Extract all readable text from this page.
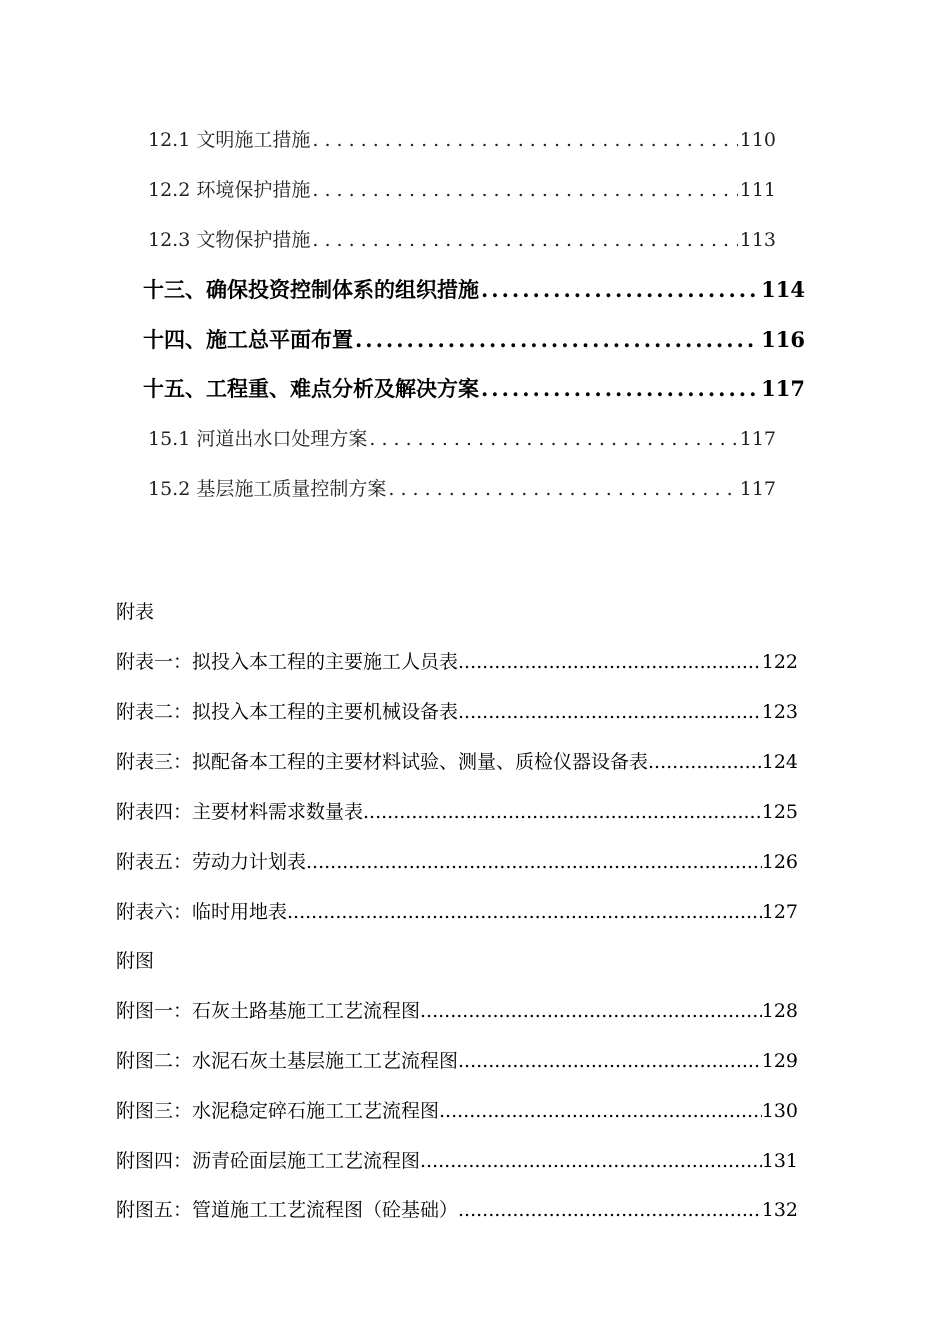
12.1 文明施工措施 . . .	110
12.2 环境保护措施 . . .	111
12.3 文物保护措施 . . .	113
十三、确保投资控制体系的组织措施 .....	114
十四、施工总平面布置 .....	116
十五、工程重、难点分析及解决方案 .....	117
15.1 河道出水口处理方案 . . .	117
15.2 基层施工质量控制方案 . . .	117
附表
附表一：拟投入本工程的主要施工人员表 .....	122
附表二：拟投入本工程的主要机械设备表 .....	123
附表三：拟配备本工程的主要材料试验、测量、质检仪器设备表 .....	124
附表四：主要材料需求数量表 .....	125
附表五：劳动力计划表 .....	126
附表六：临时用地表 .....	127
附图
附图一：石灰土路基施工工艺流程图 .....	128
附图二：水泥石灰土基层施工工艺流程图 .....	129
附图三：水泥稳定碎石施工工艺流程图 .....	130
附图四：沥青砼面层施工工艺流程图 .....	131
附图五：管道施工工艺流程图（砼基础） .....	132
